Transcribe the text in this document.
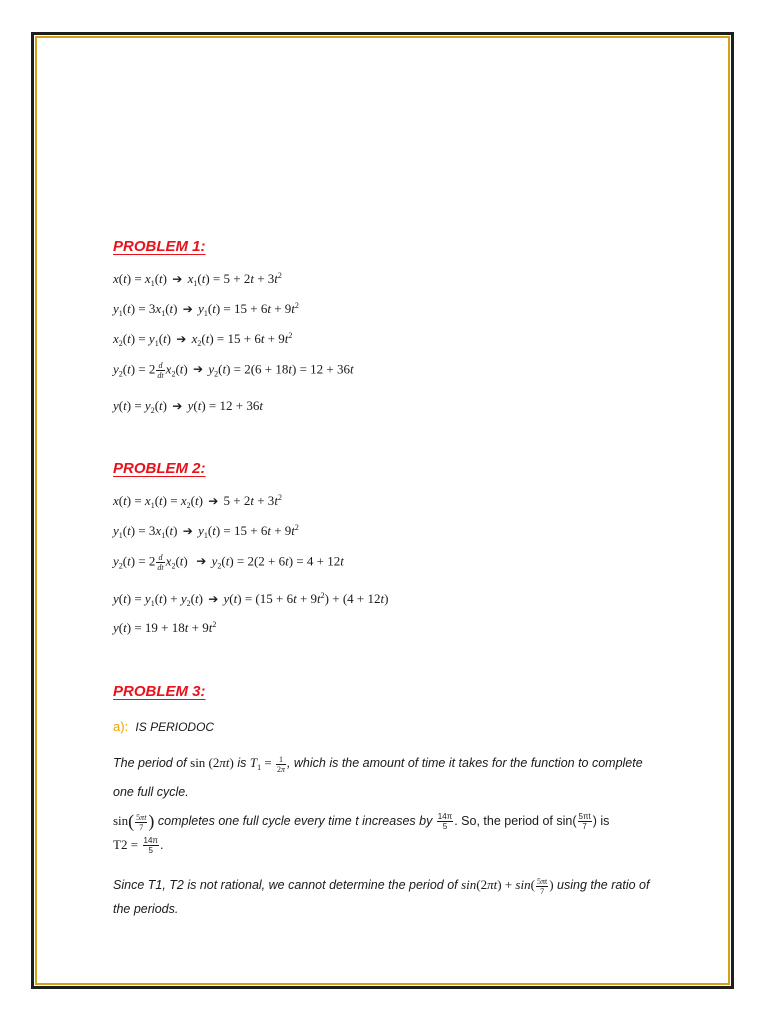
PROBLEM 1:
$x(t) = x_1(t)$ ➔ $x_1(t) = 5 + 2t + 3t^2$
$y_1(t) = 3x_1(t)$ ➔ $y_1(t) = 15 + 6t + 9t^2$
$x_2(t) = y_1(t)$ ➔ $x_2(t) = 15 + 6t + 9t^2$
$y_2(t) = 2 \frac{d}{dt} x_2(t)$ ➔ $y_2(t) = 2(6 + 18t) = 12 + 36t$
$y(t) = y_2(t)$ ➔ y(t) = 12 + 36t
PROBLEM 2:
$x(t) = x_1(t) = x_2(t)$ ➔ $5 + 2t + 3t^2$
$y_1(t) = 3x_1(t)$ ➔ $y_1(t) = 15 + 6t + 9t^2$
$y_2(t) = 2 \frac{d}{dt} x_2(t)$  ➔ $y_2(t) = 2(2 + 6t) = 4 + 12t$
$y(t) = y_1(t) + y_2(t)$ ➔ $y(t) = (15 + 6t + 9t^2) + (4 + 12t)$
$y(t) = 19 + 18t + 9t^2$
PROBLEM 3:
a): IS PERIODOC
The period of sin (2πt) is $T_1 = \frac{1}{2\pi}$ , which is the amount of time it takes for the function to complete one full cycle.
$\sin( \frac{5\pi t}{7}$ ) completes one full cycle every time t increases by $\frac{14\pi}{5}$ . So, the period of $\sin( \frac{5\pi t}{7}$ ) is
$T2 = \frac{14\pi}{5}$ .
Since T1, T2 is not rational, we cannot determine the period of $\sin(2\pi t) + \sin( \frac{5\pi t}{7}$ ) using the ratio of the periods.
